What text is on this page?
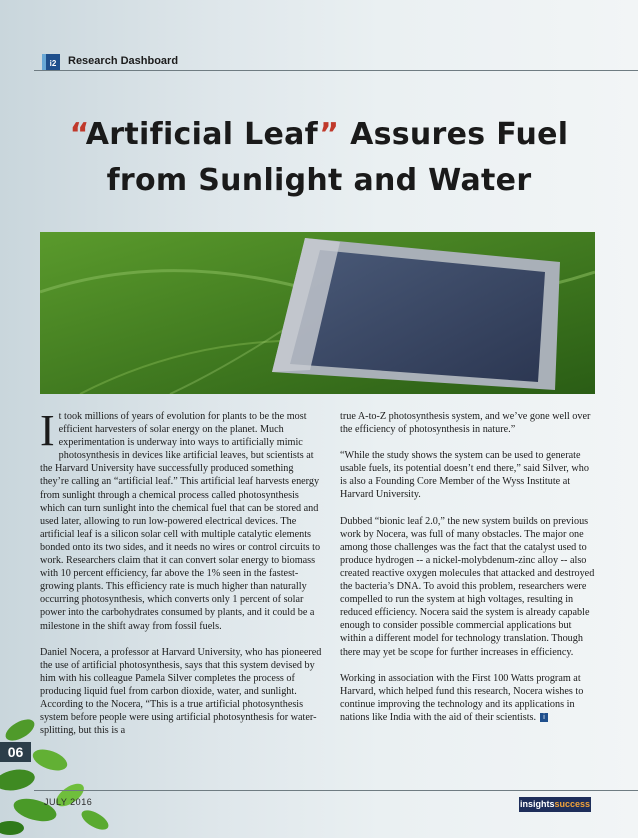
i2	Research Dashboard
“Artificial Leaf” Assures Fuel
from Sunlight and Water

It took millions of years of evolution for plants to be the most efficient harvesters of solar energy on the planet. Much experimentation is underway into ways to artificially mimic photosynthesis in devices like artificial leaves, but scientists at the Harvard University have successfully produced something they’re calling an “artificial leaf.” This artificial leaf harvests energy from sunlight through a chemical process called photosynthesis which can turn sunlight into the chemical fuel that can be stored and used later, allowing to run low-powered electrical devices. The artificial leaf is a silicon solar cell with multiple catalytic elements bonded onto its two sides, and it needs no wires or control circuits to work. Researchers claim that it can convert solar energy to biomass with 10 percent efficiency, far above the 1% seen in the fastest-growing plants. This efficiency rate is much higher than naturally occurring photosynthesis, which converts only 1 percent of solar power into the carbohydrates consumed by plants, and it could be a milestone in the shift away from fossil fuels.

Daniel Nocera, a professor at Harvard University, who has pioneered the use of artificial photosynthesis, says that this system devised by him with his colleague Pamela Silver completes the process of producing liquid fuel from carbon dioxide, water, and sunlight. According to the Nocera, “This is a true artificial photosynthesis system before people were using artificial photosynthesis for water-splitting, but this is a

true A-to-Z photosynthesis system, and we’ve gone well over the efficiency of photosynthesis in nature.”

“While the study shows the system can be used to generate usable fuels, its potential doesn’t end there,” said Silver, who is also a Founding Core Member of the Wyss Institute at Harvard University.

Dubbed “bionic leaf 2.0,” the new system builds on previous work by Nocera, was full of many obstacles. The major one among those challenges was the fact that the catalyst used to produce hydrogen -- a nickel-molybdenum-zinc alloy -- also created reactive oxygen molecules that attacked and destroyed the bacteria’s DNA. To avoid this problem, researchers were compelled to run the system at high voltages, resulting in reduced efficiency. Nocera said the system is already capable enough to consider possible commercial applications but within a different model for technology translation. Though there may yet be scope for further increases in efficiency.

Working in association with the First 100 Watts program at Harvard, which helped fund this research, Nocera wishes to continue improving the technology and its applications in nations like India with the aid of their scientists. i

06
JULY 2016	insightssuccess
